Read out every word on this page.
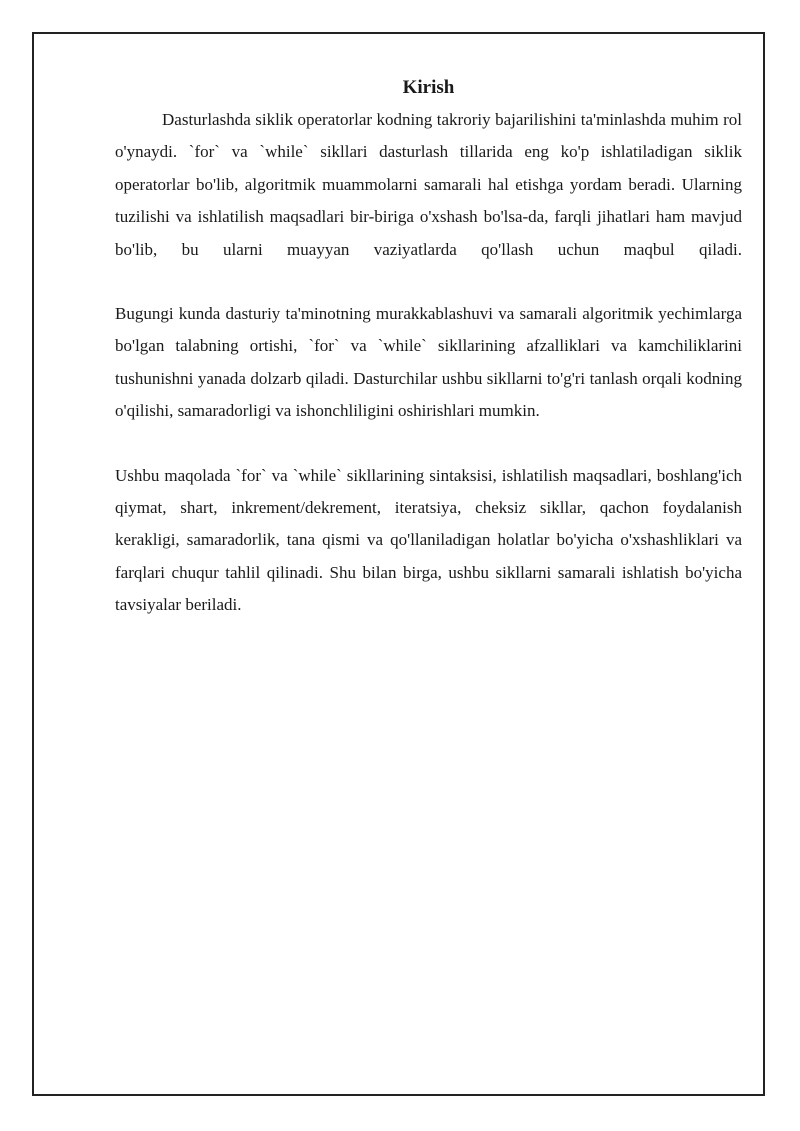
Kirish

Dasturlashda siklik operatorlar kodning takroriy bajarilishini ta'minlashda muhim rol o'ynaydi. `for` va `while` sikllari dasturlash tillarida eng ko'p ishlatiladigan siklik operatorlar bo'lib, algoritmik muammolarni samarali hal etishga yordam beradi. Ularning tuzilishi va ishlatilish maqsadlari bir-biriga o'xshash bo'lsa-da, farqli jihatlari ham mavjud bo'lib, bu ularni muayyan vaziyatlarda qo'llash uchun maqbul qiladi.

Bugungi kunda dasturiy ta'minotning murakkablashuvi va samarali algoritmik yechimlarga bo'lgan talabning ortishi, `for` va `while` sikllarining afzalliklari va kamchiliklarini tushunishni yanada dolzarb qiladi. Dasturchilar ushbu sikllarni to'g'ri tanlash orqali kodning o'qilishi, samaradorligi va ishonchliligini oshirishlari mumkin.

Ushbu maqolada `for` va `while` sikllarining sintaksisi, ishlatilish maqsadlari, boshlang'ich qiymat, shart, inkrement/dekrement, iteratsiya, cheksiz sikllar, qachon foydalanish kerakligi, samaradorlik, tana qismi va qo'llaniladigan holatlar bo'yicha o'xshashliklari va farqlari chuqur tahlil qilinadi. Shu bilan birga, ushbu sikllarni samarali ishlatish bo'yicha tavsiyalar beriladi.
